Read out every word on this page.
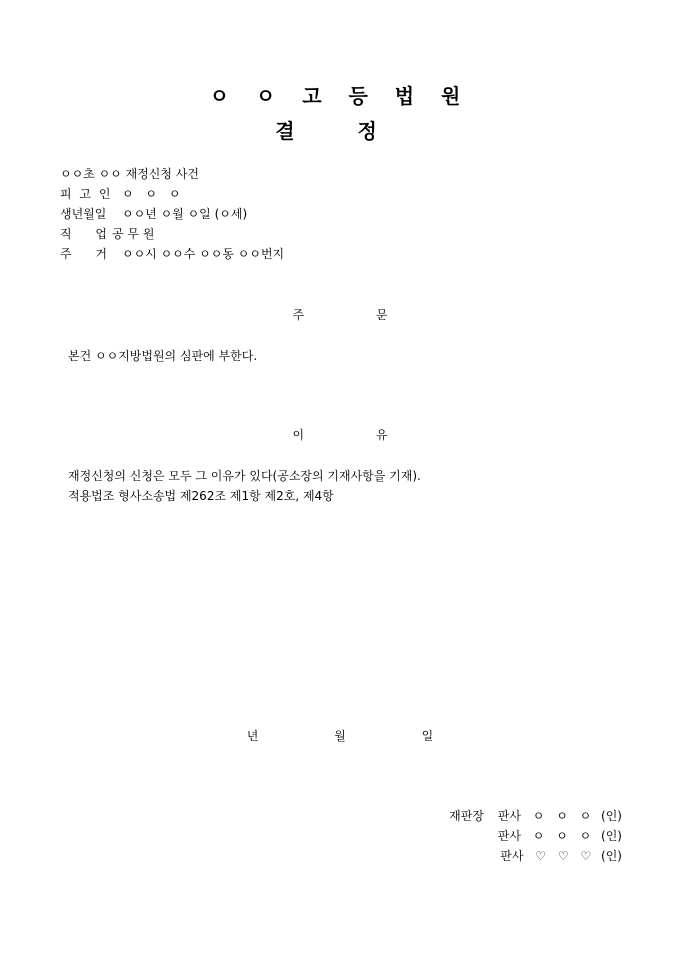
ㅇ ㅇ 고 등 법 원
결 정
ㅇㅇ초 ㅇㅇ 재정신청 사건
피 고 인 ㅇ ㅇ ㅇ
생년월일	ㅇㅇ년 ㅇ월 ㅇ일 (ㅇ세)
직 업
공 무 원
주 거 ㅇㅇ시 ㅇㅇ수 ㅇㅇ동 ㅇㅇ번지
주 문
본건 ㅇㅇ지방법원의 심판에 부한다.
이 유
재정신청의 신청은 모두 그 이유가 있다(공소장의 기재사항을 기재).
적용법조 형사소송법 제262조 제1항 제2호, 제4항
년 월 일
재판장 판사 ㅇ ㅇ ㅇ (인)
판사 ㅇ ㅇ ㅇ (인)
판사 ♡ ♡ ♡ (인)
